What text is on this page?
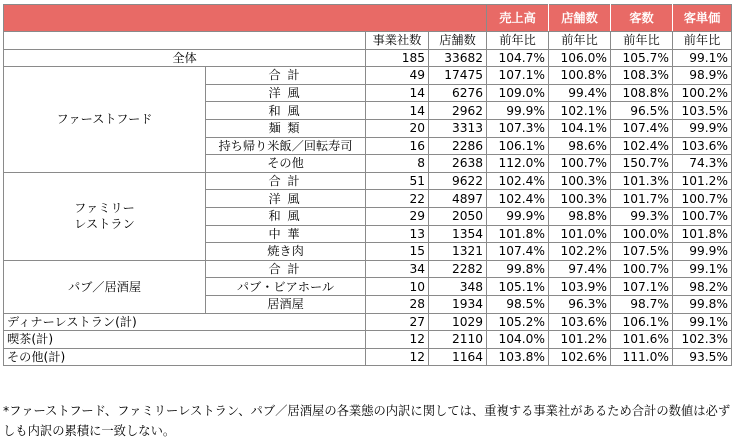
				売上高	店舗数	客数	客単価
		事業社数	店舗数	前年比	前年比	前年比	前年比
全体		185	33682	104.7%	106.0%	105.7%	99.1%
ファーストフード	合計	49	17475	107.1%	100.8%	108.3%	98.9%
	洋風	14	6276	109.0%	99.4%	108.8%	100.2%
	和風	14	2962	99.9%	102.1%	96.5%	103.5%
	麺類	20	3313	107.3%	104.1%	107.4%	99.9%
	持ち帰り米飯／回転寿司	16	2286	106.1%	98.6%	102.4%	103.6%
	その他	8	2638	112.0%	100.7%	150.7%	74.3%

ファミリー
レストラン	合計	51	9622	102.4%	100.3%	101.3%	101.2%
	洋風	22	4897	102.4%	100.3%	101.7%	100.7%
	和風	29	2050	99.9%	98.8%	99.3%	100.7%
	中華	13	1354	101.8%	101.0%	100.0%	101.8%
	焼き肉	15	1321	107.4%	102.2%	107.5%	99.9%
パブ／居酒屋	合計	34	2282	99.8%	97.4%	100.7%	99.1%
	パブ・ビアホール	10	348	105.1%	103.9%	107.1%	98.2%
	居酒屋	28	1934	98.5%	96.3%	98.7%	99.8%
ディナーレストラン(計)		27	1029	105.2%	103.6%	106.1%	99.1%
喫茶(計)		12	2110	104.0%	101.2%	101.6%	102.3%
その他(計)		12	1164	103.8%	102.6%	111.0%	93.5%

*ファーストフード、ファミリーレストラン、パブ／居酒屋の各業態の内訳に関しては、重複する事業社があるため合計の数値は必ずしも内訳の累積に一致しない。
